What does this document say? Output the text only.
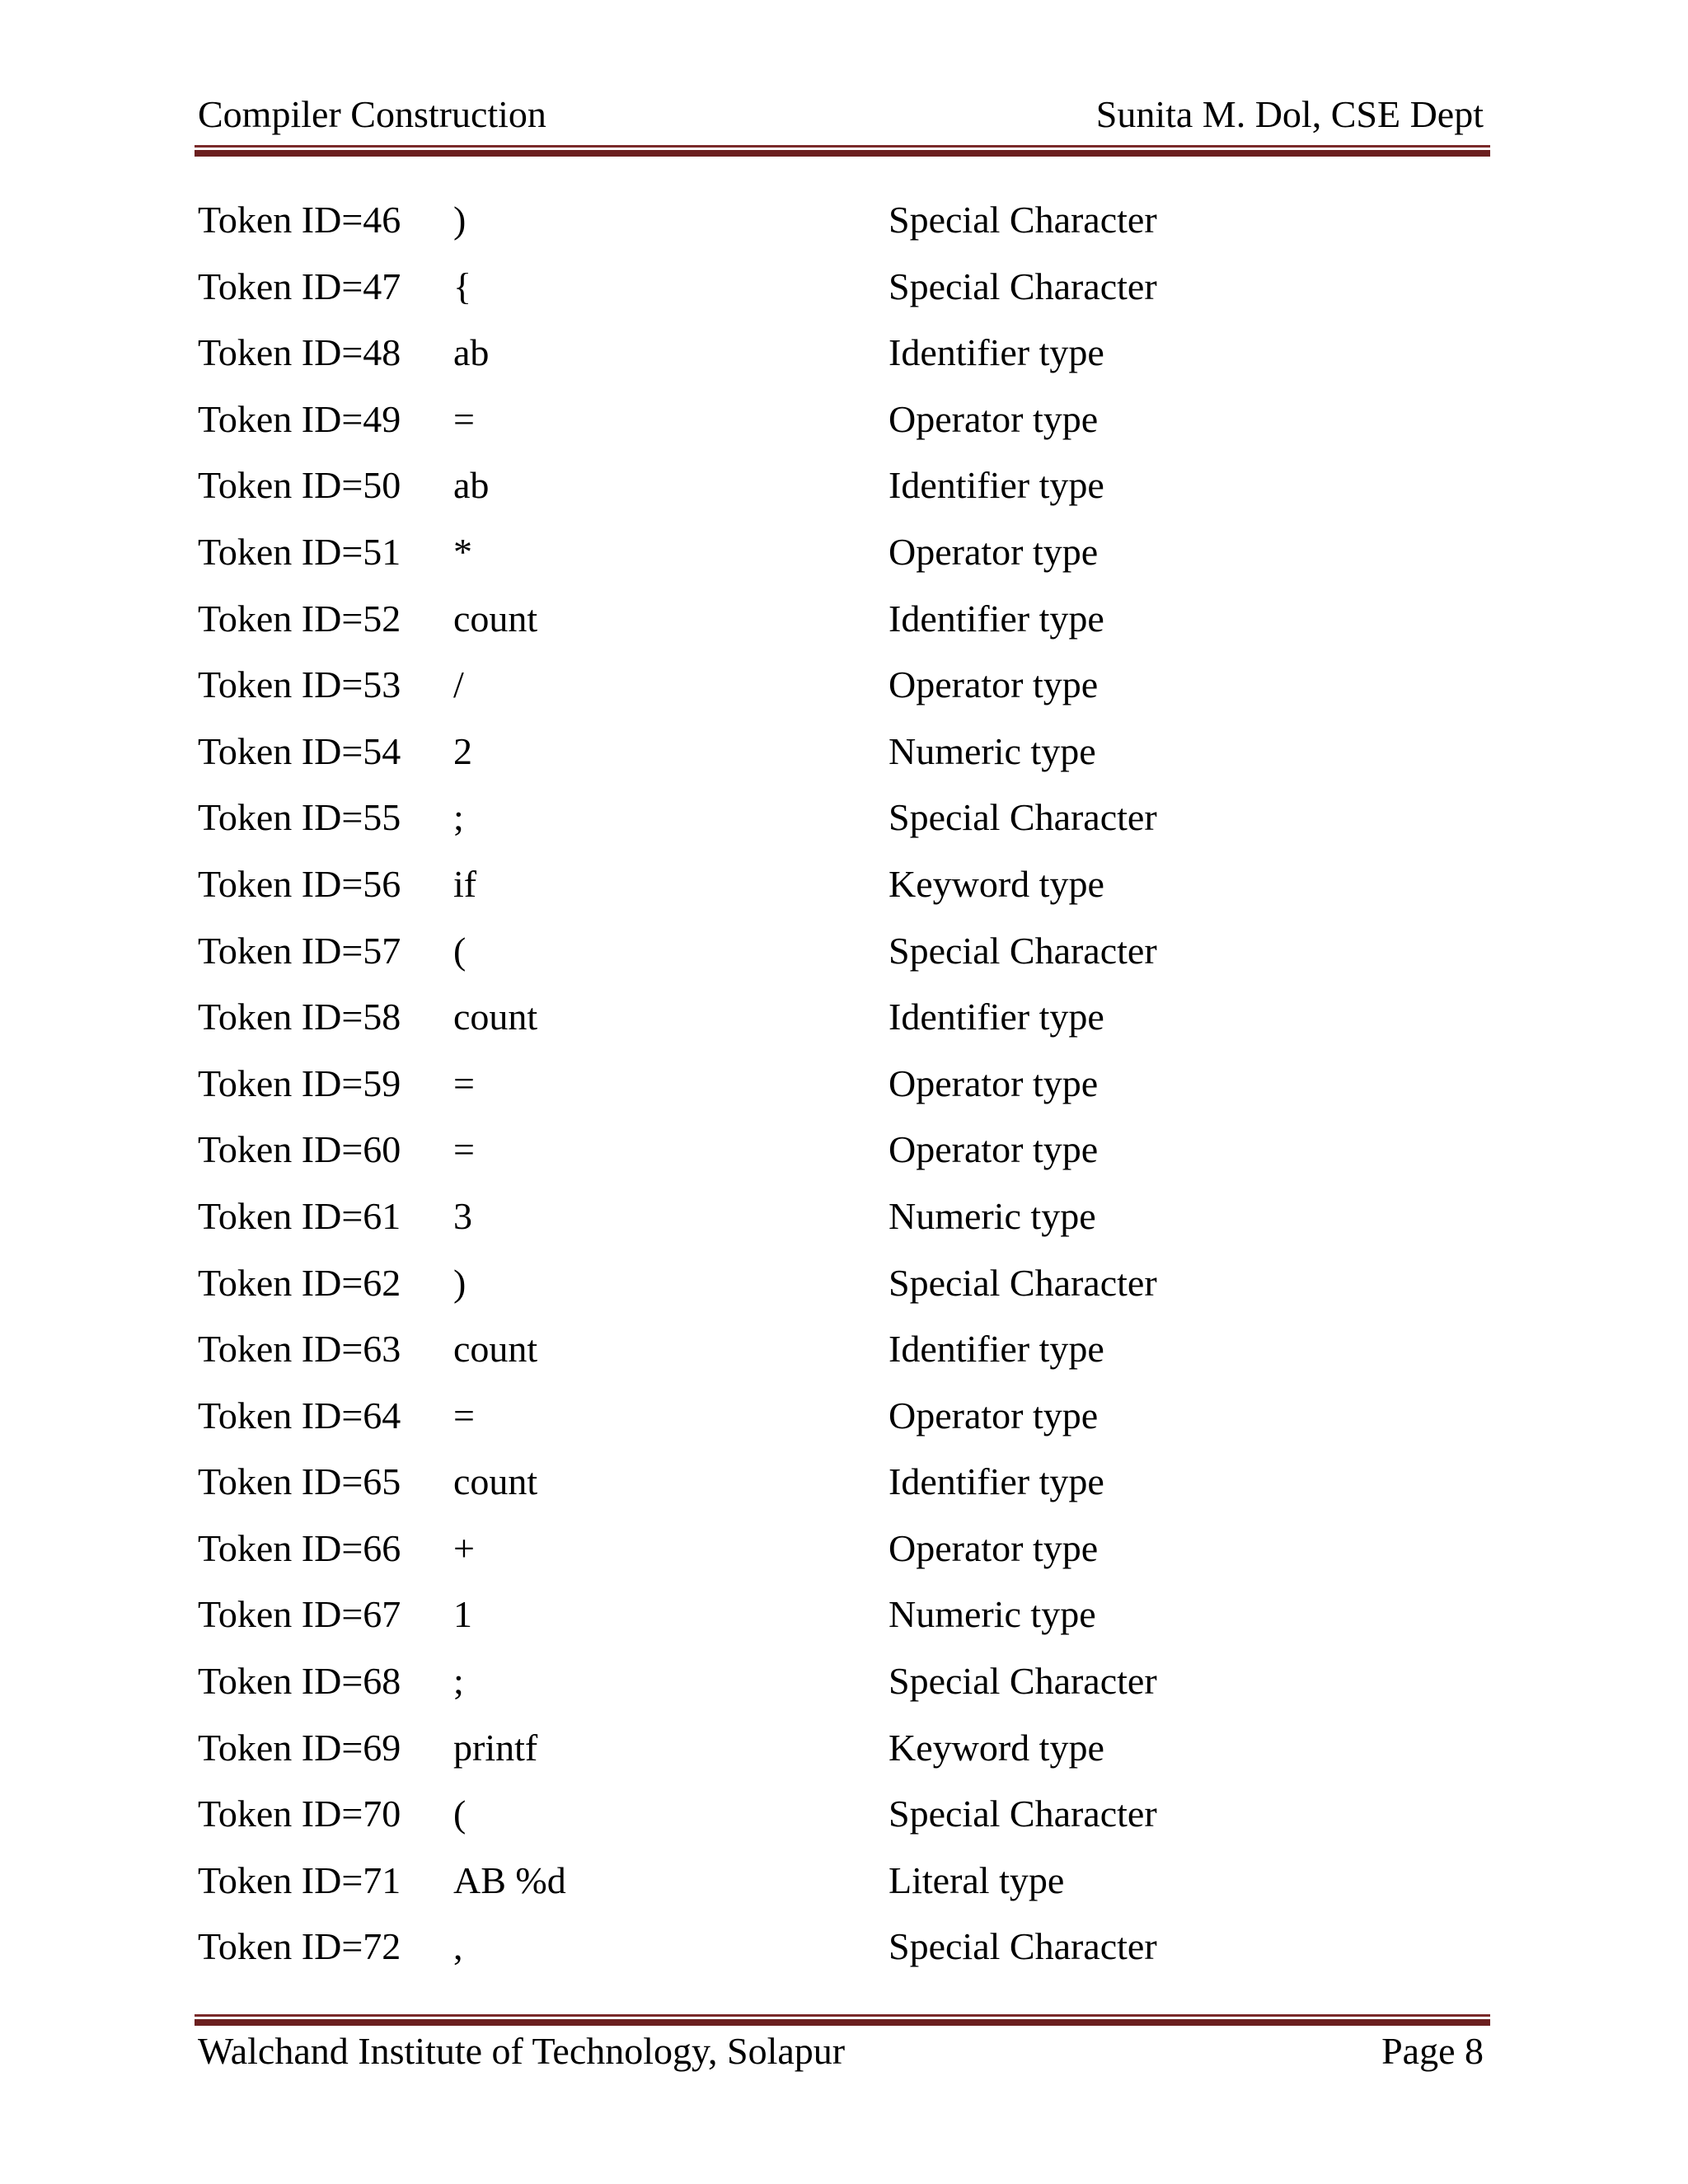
Compiler Construction	Sunita M. Dol, CSE Dept
Token ID=46 )	Special Character
Token ID=47 {	Special Character
Token ID=48 ab	Identifier type
Token ID=49 =	Operator type
Token ID=50 ab	Identifier type
Token ID=51 *	Operator type
Token ID=52 count	Identifier type
Token ID=53 /	Operator type
Token ID=54 2	Numeric type
Token ID=55 ;	Special Character
Token ID=56 if	Keyword type
Token ID=57 (	Special Character
Token ID=58 count	Identifier type
Token ID=59 =	Operator type
Token ID=60 =	Operator type
Token ID=61 3	Numeric type
Token ID=62 )	Special Character
Token ID=63 count	Identifier type
Token ID=64 =	Operator type
Token ID=65 count	Identifier type
Token ID=66 +	Operator type
Token ID=67 1	Numeric type
Token ID=68 ;	Special Character
Token ID=69 printf	Keyword type
Token ID=70 (	Special Character
Token ID=71 AB %d	Literal type
Token ID=72 ,	Special Character
Walchand Institute of Technology, Solapur	Page 8
